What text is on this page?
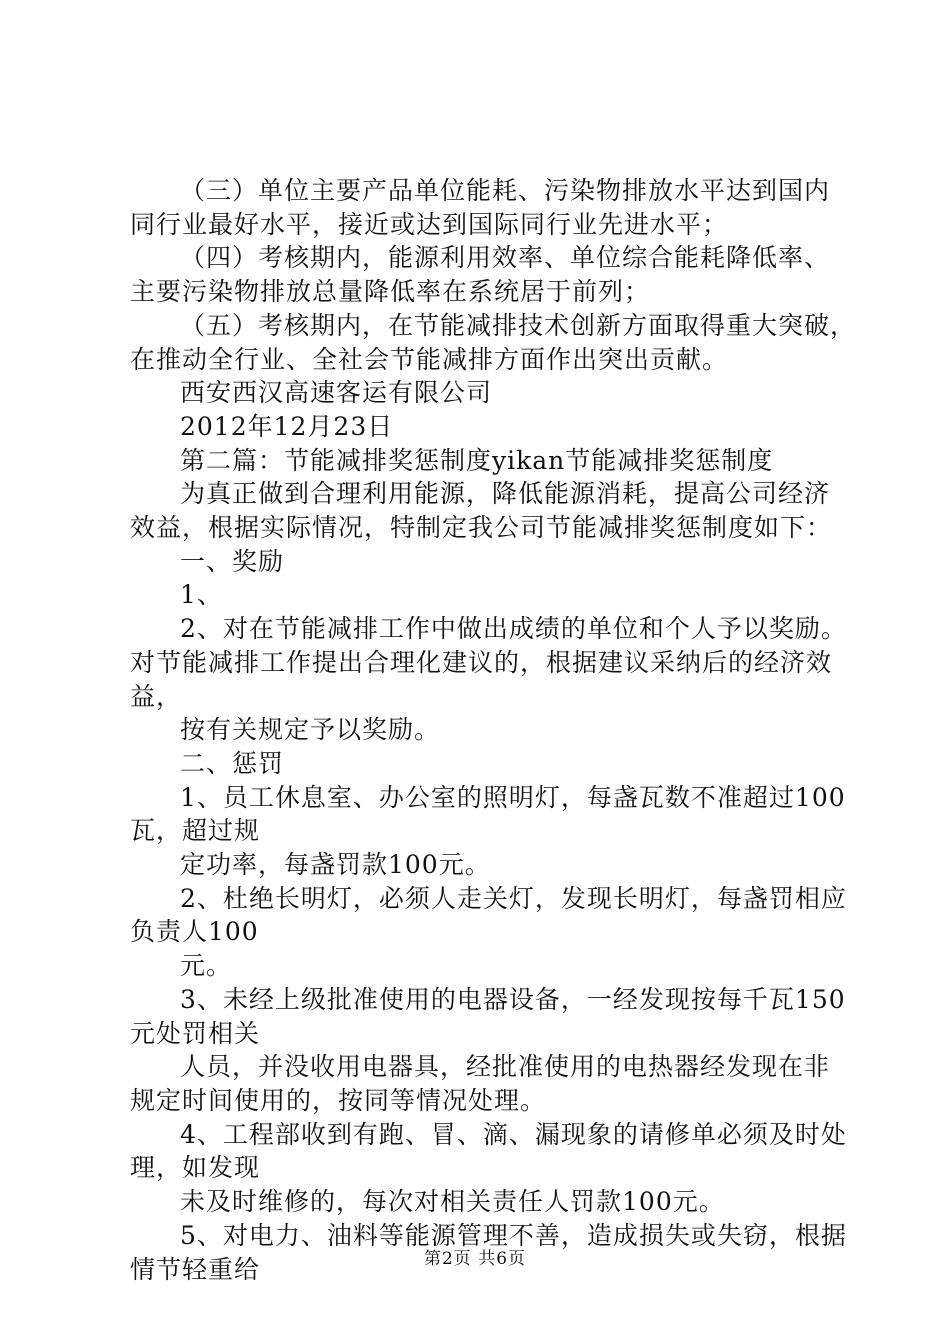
（三）单位主要产品单位能耗、污染物排放水平达到国内
同行业最好水平，接近或达到国际同行业先进水平；
（四）考核期内，能源利用效率、单位综合能耗降低率、
主要污染物排放总量降低率在系统居于前列；
（五）考核期内，在节能减排技术创新方面取得重大突破，
在推动全行业、全社会节能减排方面作出突出贡献。
西安西汉高速客运有限公司
2012年12月23日
第二篇：节能减排奖惩制度yikan节能减排奖惩制度
为真正做到合理利用能源，降低能源消耗，提高公司经济
效益，根据实际情况，特制定我公司节能减排奖惩制度如下：
一、奖励
1、
2、对在节能减排工作中做出成绩的单位和个人予以奖励。
对节能减排工作提出合理化建议的，根据建议采纳后的经济效
益，
按有关规定予以奖励。
二、惩罚
1、员工休息室、办公室的照明灯，每盏瓦数不准超过100
瓦，超过规
定功率，每盏罚款100元。
2、杜绝长明灯，必须人走关灯，发现长明灯，每盏罚相应
负责人100
元。
3、未经上级批准使用的电器设备，一经发现按每千瓦150
元处罚相关
人员，并没收用电器具，经批准使用的电热器经发现在非
规定时间使用的，按同等情况处理。
4、工程部收到有跑、冒、滴、漏现象的请修单必须及时处
理，如发现
未及时维修的，每次对相关责任人罚款100元。
5、对电力、油料等能源管理不善，造成损失或失窃，根据
情节轻重给	第2页 共6页
